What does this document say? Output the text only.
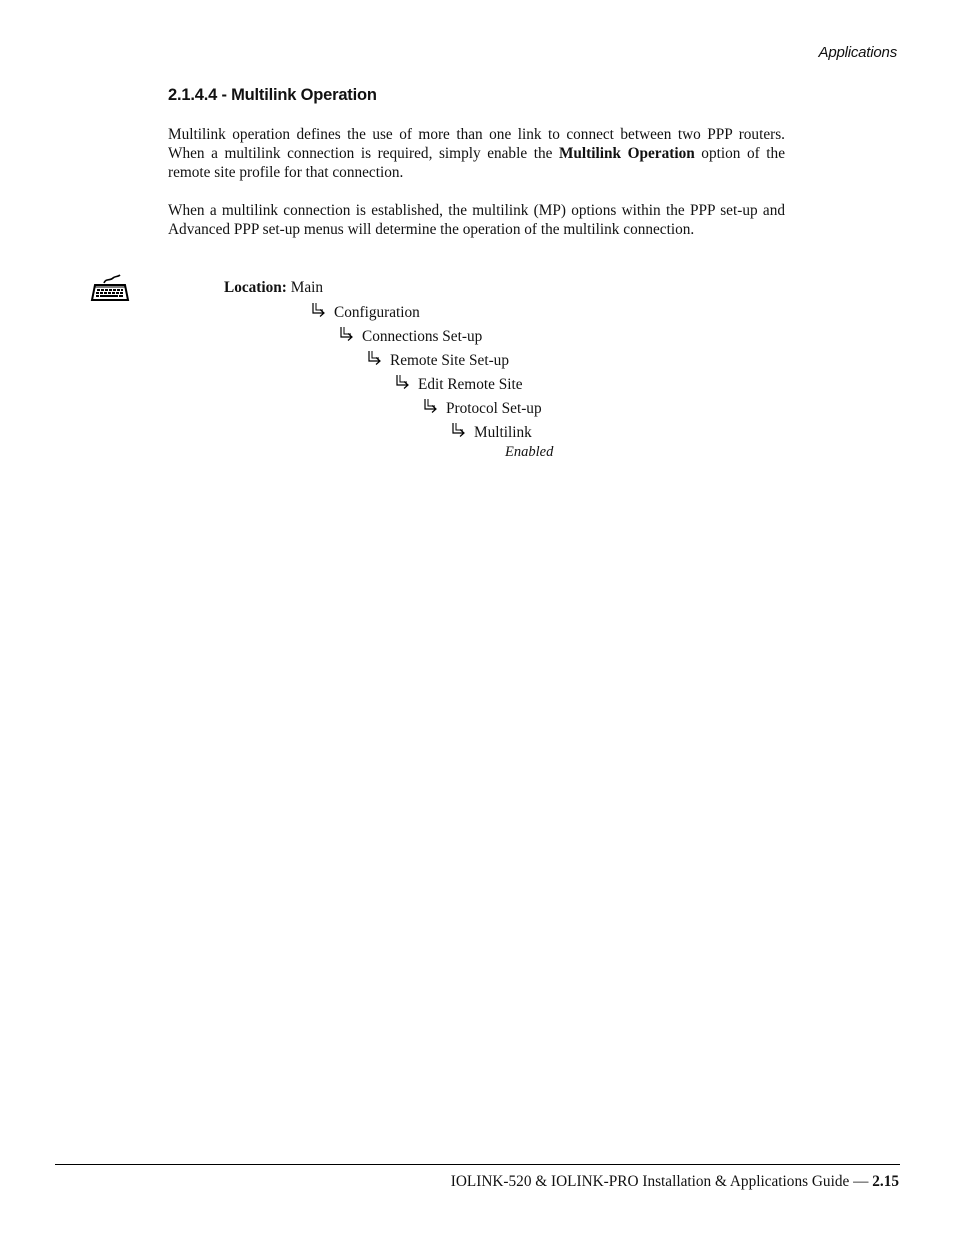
Applications
2.1.4.4 - Multilink Operation

Multilink operation defines the use of more than one link to connect between two PPP routers. When a multilink connection is required, simply enable the Multilink Operation option of the remote site profile for that connection.

When a multilink connection is established, the multilink (MP) options within the PPP set-up and Advanced PPP set-up menus will determine the operation of the multilink connection.

Location: Main
Configuration
Connections Set-up
Remote Site Set-up
Edit Remote Site
Protocol Set-up
Multilink
Enabled
IOLINK-520 & IOLINK-PRO Installation & Applications Guide — 2.15
